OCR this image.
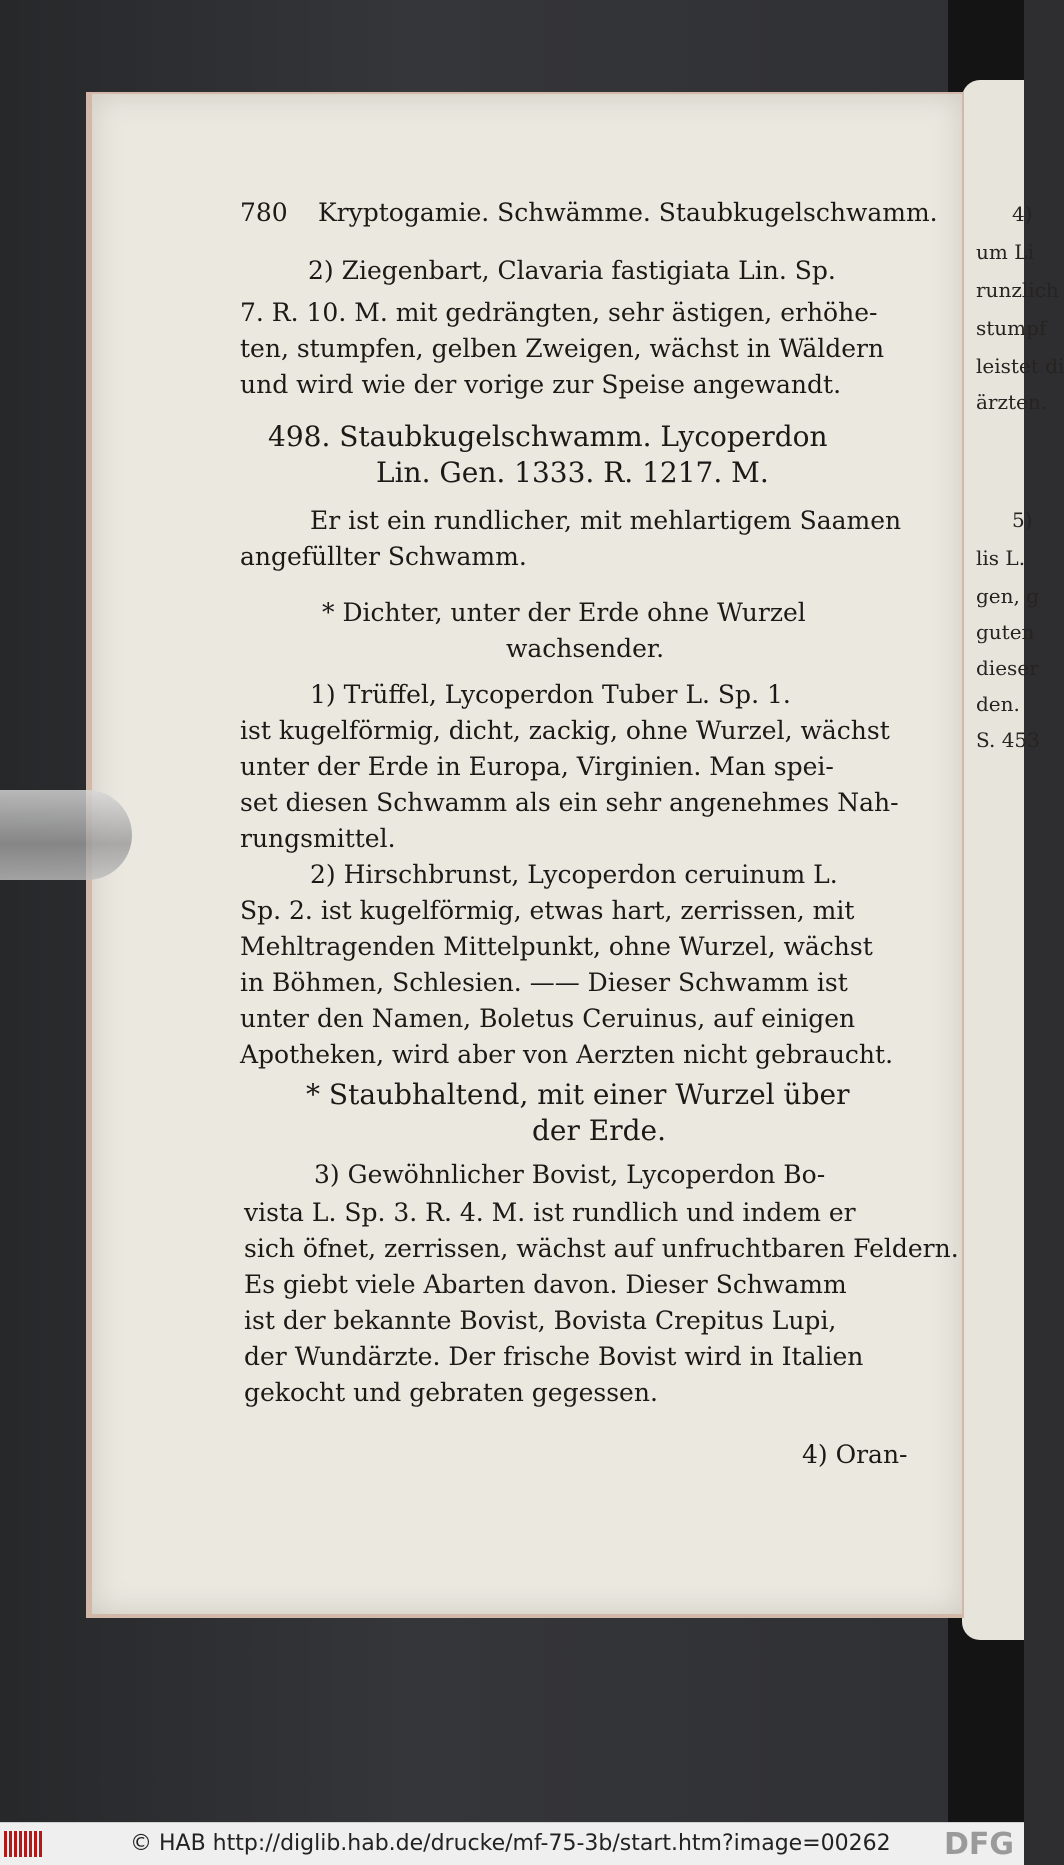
4)
um Li
runzlich
stumpf
leistet di
ärzten.
5)
lis L.
gen, g
guten
dieser
den.
S. 453
780 Kryptogamie. Schwämme. Staubkugelschwamm.
2) Ziegenbart, Clavaria fastigiata Lin. Sp.
7. R. 10. M. mit gedrängten, sehr ästigen, erhöhe-
ten, stumpfen, gelben Zweigen, wächst in Wäldern
und wird wie der vorige zur Speise angewandt.
498. Staubkugelschwamm. Lycoperdon
Lin. Gen. 1333. R. 1217. M.
Er ist ein rundlicher, mit mehlartigem Saamen
angefüllter Schwamm.
* Dichter, unter der Erde ohne Wurzel
wachsender.
1) Trüffel, Lycoperdon Tuber L. Sp. 1.
ist kugelförmig, dicht, zackig, ohne Wurzel, wächst
unter der Erde in Europa, Virginien. Man spei-
set diesen Schwamm als ein sehr angenehmes Nah-
rungsmittel.
2) Hirschbrunst, Lycoperdon ceruinum L.
Sp. 2. ist kugelförmig, etwas hart, zerrissen, mit
Mehltragenden Mittelpunkt, ohne Wurzel, wächst
in Böhmen, Schlesien. —— Dieser Schwamm ist
unter den Namen, Boletus Ceruinus, auf einigen
Apotheken, wird aber von Aerzten nicht gebraucht.
* Staubhaltend, mit einer Wurzel über
der Erde.
3) Gewöhnlicher Bovist, Lycoperdon Bo-
vista L. Sp. 3. R. 4. M. ist rundlich und indem er
sich öfnet, zerrissen, wächst auf unfruchtbaren Feldern.
Es giebt viele Abarten davon. Dieser Schwamm
ist der bekannte Bovist, Bovista Crepitus Lupi,
der Wundärzte. Der frische Bovist wird in Italien
gekocht und gebraten gegessen.
4) Oran-
© HAB http://diglib.hab.de/drucke/mf-75-3b/start.htm?image=00262 DFG
